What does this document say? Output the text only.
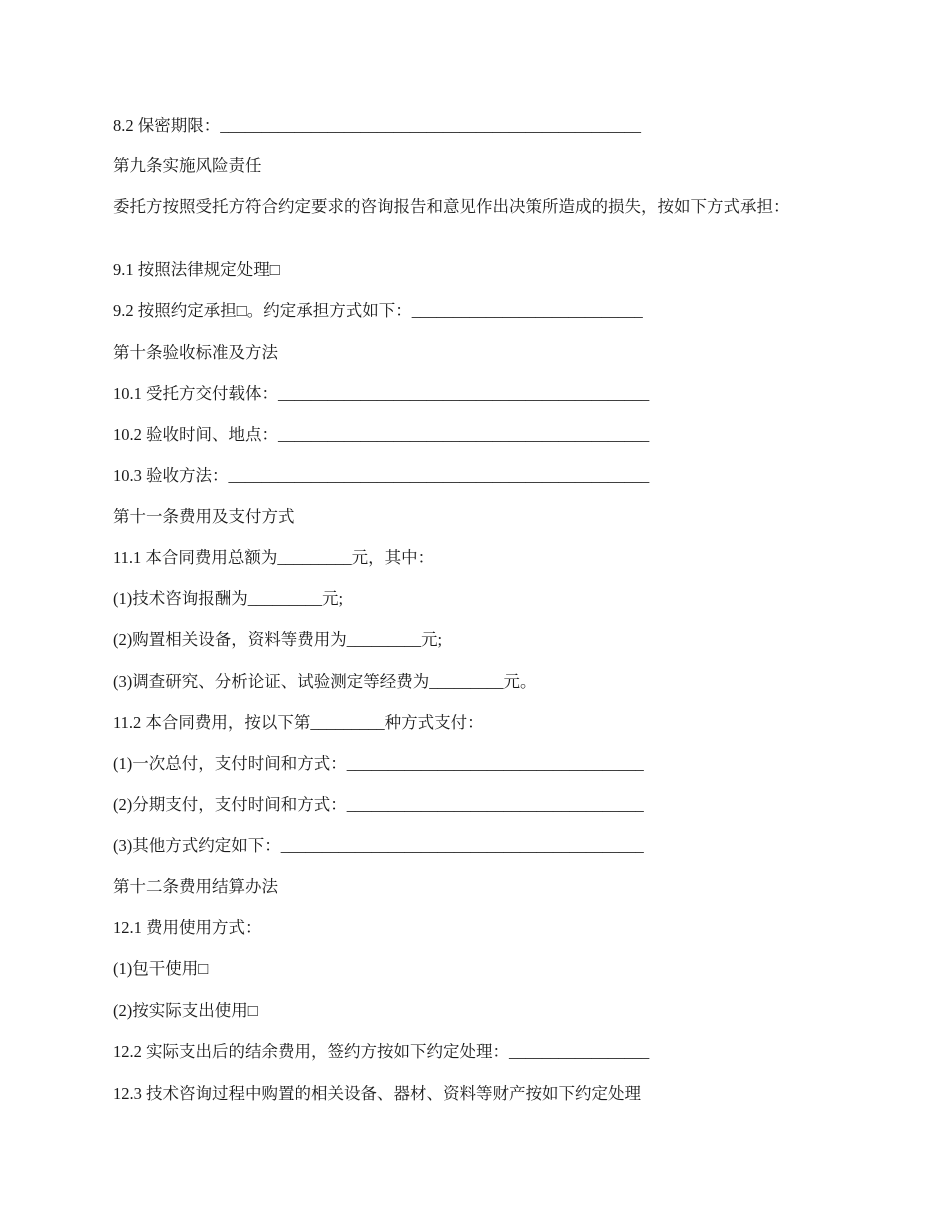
8.2 保密期限：___________________________________________________
第九条实施风险责任
委托方按照受托方符合约定要求的咨询报告和意见作出决策所造成的损失，按如下方式承担：
9.1 按照法律规定处理□
9.2 按照约定承担□。约定承担方式如下：____________________________
第十条验收标准及方法
10.1 受托方交付载体：_____________________________________________
10.2 验收时间、地点：_____________________________________________
10.3 验收方法：___________________________________________________
第十一条费用及支付方式
11.1 本合同费用总额为_________元，其中：
(1)技术咨询报酬为_________元;
(2)购置相关设备，资料等费用为_________元;
(3)调查研究、分析论证、试验测定等经费为_________元。
11.2 本合同费用，按以下第_________种方式支付：
(1)一次总付，支付时间和方式：____________________________________
(2)分期支付，支付时间和方式：____________________________________
(3)其他方式约定如下：____________________________________________
第十二条费用结算办法
12.1 费用使用方式：
(1)包干使用□
(2)按实际支出使用□
12.2 实际支出后的结余费用，签约方按如下约定处理：_________________
12.3 技术咨询过程中购置的相关设备、器材、资料等财产按如下约定处理
